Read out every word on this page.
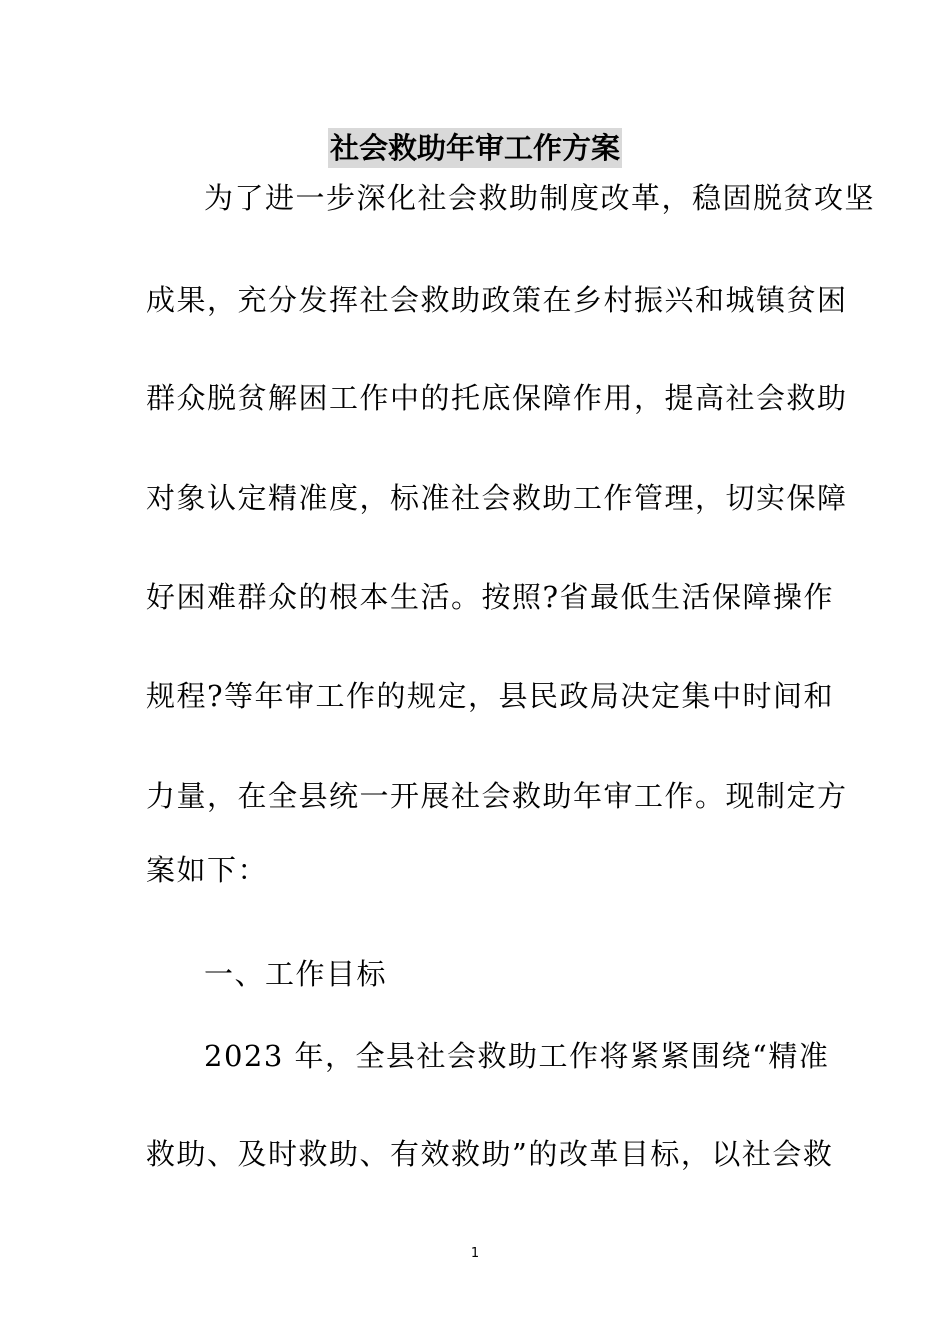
社会救助年审工作方案
为了进一步深化社会救助制度改革，稳固脱贫攻坚
成果，充分发挥社会救助政策在乡村振兴和城镇贫困
群众脱贫解困工作中的托底保障作用，提高社会救助
对象认定精准度，标准社会救助工作管理，切实保障
好困难群众的根本生活。按照?省最低生活保障操作
规程?等年审工作的规定，县民政局决定集中时间和
力量，在全县统一开展社会救助年审工作。现制定方
案如下：
一、工作目标
2023 年，全县社会救助工作将紧紧围绕“精准
救助、及时救助、有效救助”的改革目标，以社会救
1
